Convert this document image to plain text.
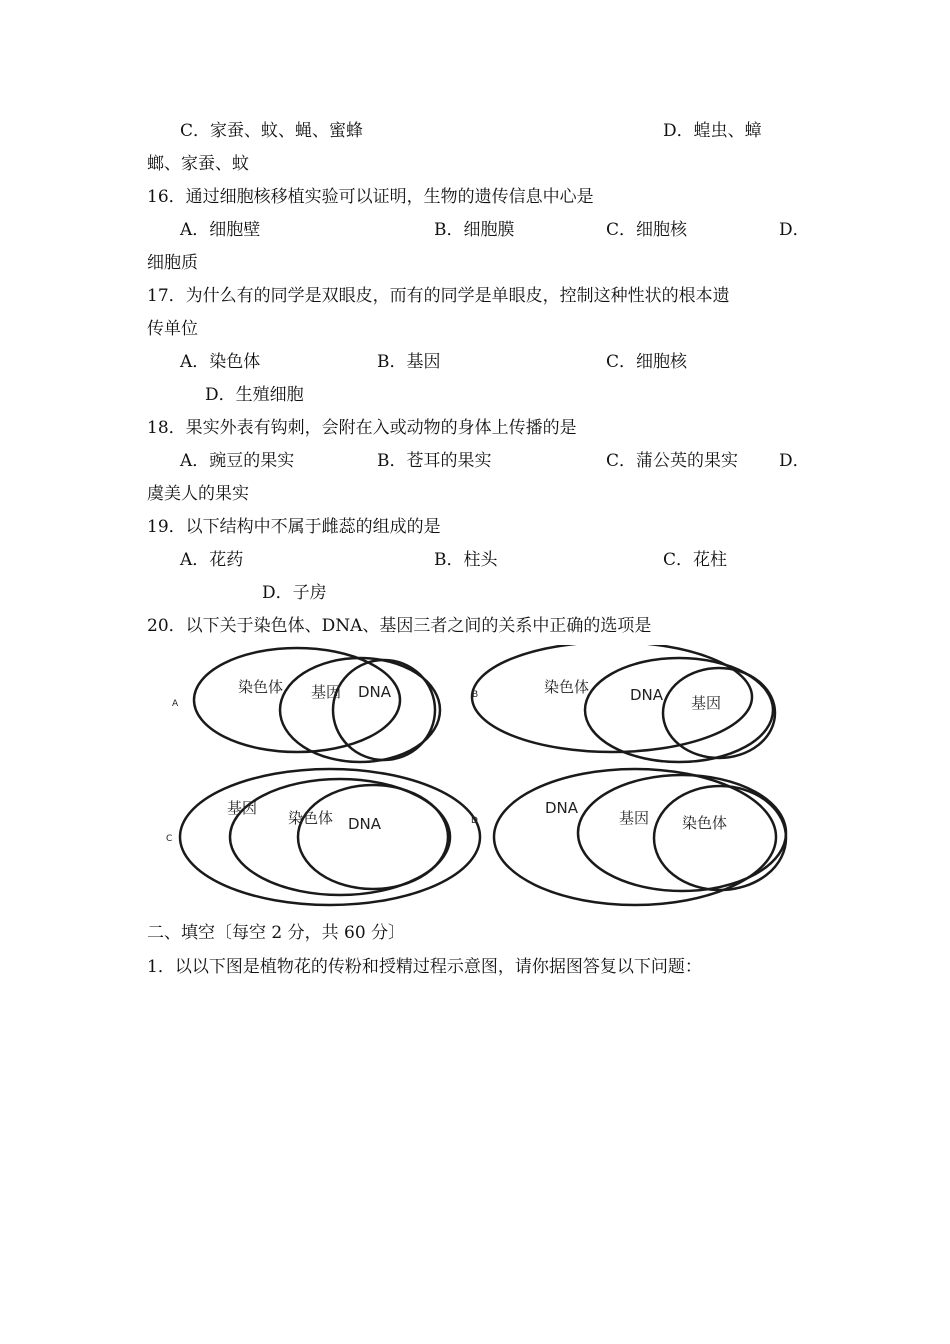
C．家蚕、蚊、蝇、蜜蜂	D．蝗虫、蟑
螂、家蚕、蚊
16．通过细胞核移植实验可以证明，生物的遗传信息中心是
A．细胞壁	B．细胞膜	C．细胞核	D．
细胞质
17．为什么有的同学是双眼皮，而有的同学是单眼皮，控制这种性状的根本遗
传单位
A．染色体	B．基因	C．细胞核
D．生殖细胞
18．果实外表有钩刺，会附在入或动物的身体上传播的是
A．豌豆的果实	B．苍耳的果实	C．蒲公英的果实 D．
虞美人的果实
19．以下结构中不属于雌蕊的组成的是
A．花药	B．柱头	C．花柱
D．子房
20．以下关于染色体、DNA、基因三者之间的关系中正确的选项是
A
B
C
D
染色体 基因 DNA	染色体	DNA 基因
基因
染色体 DNA
DNA
基因 染色体
二、填空〔每空 2 分，共 60 分〕
1．以以下图是植物花的传粉和授精过程示意图，请你据图答复以下问题：
